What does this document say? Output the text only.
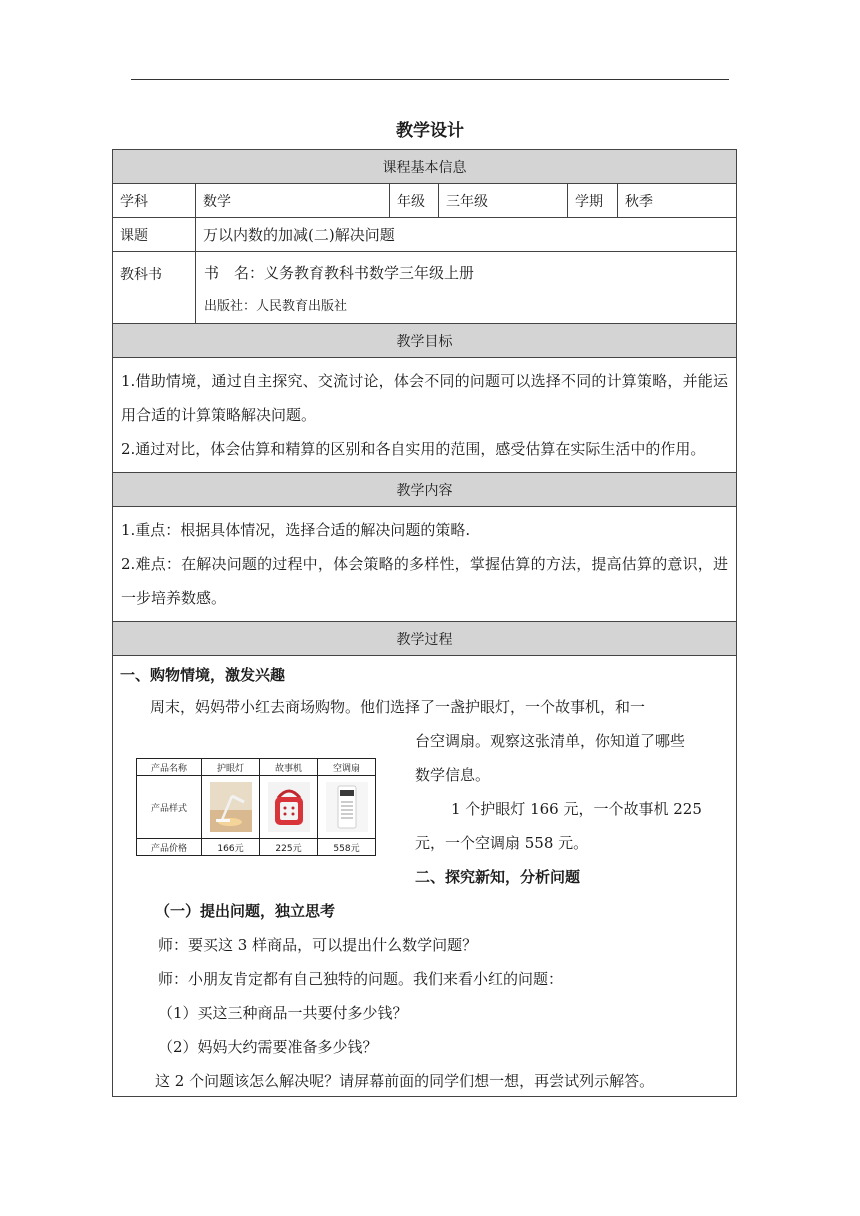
教学设计
课程基本信息
学科	数学	年级	三年级	学期	秋季
课题	万以内数的加减(二)解决问题
教科书	书　名：义务教育教科书数学三年级上册
出版社：人民教育出版社
教学目标
1.借助情境，通过自主探究、交流讨论，体会不同的问题可以选择不同的计算策略，并能运用合适的计算策略解决问题。
2.通过对比，体会估算和精算的区别和各自实用的范围，感受估算在实际生活中的作用。
教学内容
1.重点：根据具体情况，选择合适的解决问题的策略.
2.难点：在解决问题的过程中，体会策略的多样性，掌握估算的方法，提高估算的意识，进一步培养数感。
教学过程
一、购物情境，激发兴趣
周末，妈妈带小红去商场购物。他们选择了一盏护眼灯，一个故事机，和一
台空调扇。观察这张清单，你知道了哪些
数学信息。
1 个护眼灯 166 元，一个故事机 225
元，一个空调扇 558 元。
二、探究新知，分析问题
（一）提出问题，独立思考
师：要买这 3 样商品，可以提出什么数学问题？
师：小朋友肯定都有自己独特的问题。我们来看小红的问题：
（1）买这三种商品一共要付多少钱？
（2）妈妈大约需要准备多少钱？
这 2 个问题该怎么解决呢？请屏幕前面的同学们想一想，再尝试列示解答。
产品名称	护眼灯	故事机	空调扇
产品样式			
产品价格	166元	225元	558元
